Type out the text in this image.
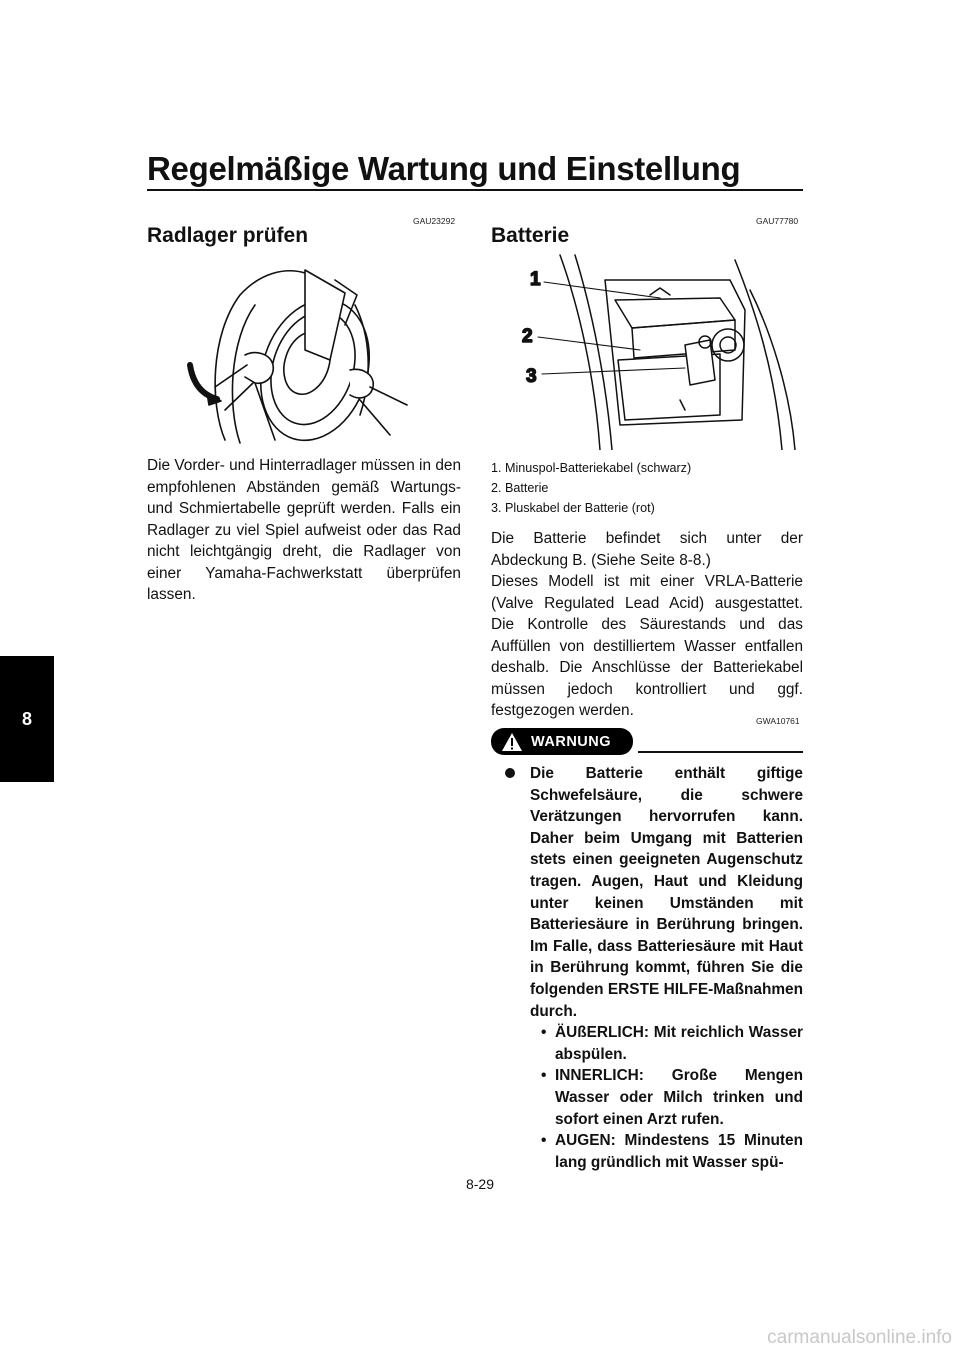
Regelmäßige Wartung und Einstellung
8
GAU23292
Radlager prüfen
Die Vorder- und Hinterradlager müssen in den empfohlenen Abständen gemäß Wartungs- und Schmiertabelle geprüft werden. Falls ein Radlager zu viel Spiel aufweist oder das Rad nicht leichtgängig dreht, die Radlager von einer Yamaha-Fachwerkstatt überprüfen lassen.
GAU77780
Batterie
1
2
3
1. Minuspol-Batteriekabel (schwarz)
2. Batterie
3. Pluskabel der Batterie (rot)
Die Batterie befindet sich unter der Abdeckung B. (Siehe Seite 8-8.)
Dieses Modell ist mit einer VRLA-Batterie (Valve Regulated Lead Acid) ausgestattet. Die Kontrolle des Säurestands und das Auffüllen von destilliertem Wasser entfallen deshalb. Die Anschlüsse der Batteriekabel müssen jedoch kontrolliert und ggf. festgezogen werden.
GWA10761
WARNUNG
Die Batterie enthält giftige Schwefelsäure, die schwere Verätzungen hervorrufen kann. Daher beim Umgang mit Batterien stets einen geeigneten Augenschutz tragen. Augen, Haut und Kleidung unter keinen Umständen mit Batteriesäure in Berührung bringen. Im Falle, dass Batteriesäure mit Haut in Berührung kommt, führen Sie die folgenden ERSTE HILFE-Maßnahmen durch.
• ÄUßERLICH: Mit reichlich Wasser abspülen.
• INNERLICH: Große Mengen Wasser oder Milch trinken und sofort einen Arzt rufen.
• AUGEN: Mindestens 15 Minuten lang gründlich mit Wasser spü-
8-29
carmanualsonline.info
